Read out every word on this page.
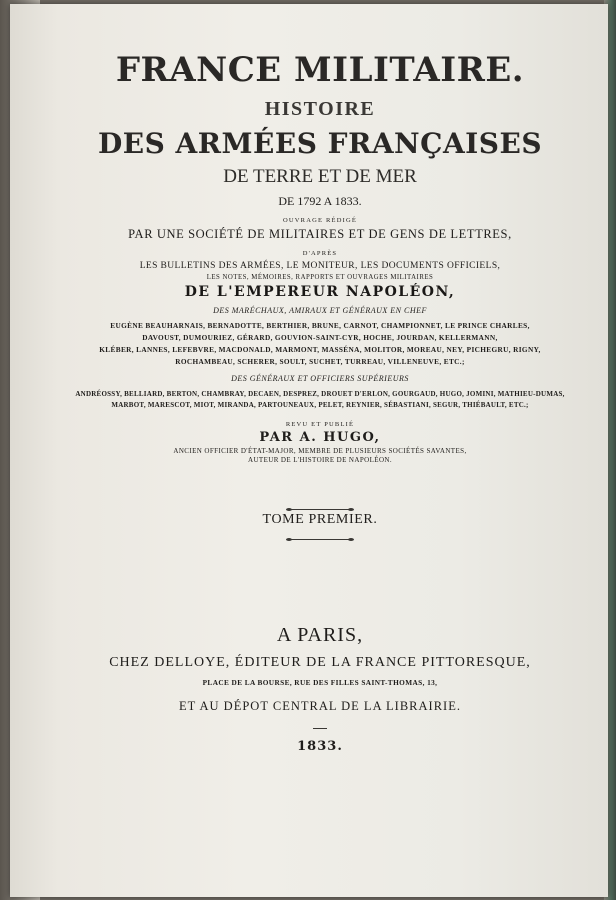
FRANCE MILITAIRE.
HISTOIRE
DES ARMÉES FRANÇAISES
DE TERRE ET DE MER
DE 1792 A 1833.
OUVRAGE RÉDIGÉ
PAR UNE SOCIÉTÉ DE MILITAIRES ET DE GENS DE LETTRES,
D'APRÈS
LES BULLETINS DES ARMÉES, LE MONITEUR, LES DOCUMENTS OFFICIELS,
LES NOTES, MÉMOIRES, RAPPORTS ET OUVRAGES MILITAIRES
DE L'EMPEREUR NAPOLÉON,
DES MARÉCHAUX, AMIRAUX ET GÉNÉRAUX EN CHEF
EUGÈNE BEAUHARNAIS, BERNADOTTE, BERTHIER, BRUNE, CARNOT, CHAMPIONNET, LE PRINCE CHARLES,
DAVOUST, DUMOURIEZ, GÉRARD, GOUVION-SAINT-CYR, HOCHE, JOURDAN, KELLERMANN,
KLÉBER, LANNES, LEFEBVRE, MACDONALD, MARMONT, MASSÉNA, MOLITOR, MOREAU, NEY, PICHEGRU, RIGNY,
ROCHAMBEAU, SCHERER, SOULT, SUCHET, TURREAU, VILLENEUVE, ETC.;
DES GÉNÉRAUX ET OFFICIERS SUPÉRIEURS
ANDRÉOSSY, BELLIARD, BERTON, CHAMBRAY, DECAEN, DESPREZ, DROUET D'ERLON, GOURGAUD, HUGO, JOMINI, MATHIEU-DUMAS,
MARBOT, MARESCOT, MIOT, MIRANDA, PARTOUNEAUX, PELET, REYNIER, SÉBASTIANI, SEGUR, THIÉBAULT, ETC.;
REVU ET PUBLIÉ
PAR A. HUGO,
ANCIEN OFFICIER D'ÉTAT-MAJOR, MEMBRE DE PLUSIEURS SOCIÉTÉS SAVANTES,
AUTEUR DE L'HISTOIRE DE NAPOLÉON.
TOME PREMIER.
A PARIS,
CHEZ DELLOYE, ÉDITEUR DE LA FRANCE PITTORESQUE,
PLACE DE LA BOURSE, RUE DES FILLES SAINT-THOMAS, 13,
ET AU DÉPOT CENTRAL DE LA LIBRAIRIE.
1833.
